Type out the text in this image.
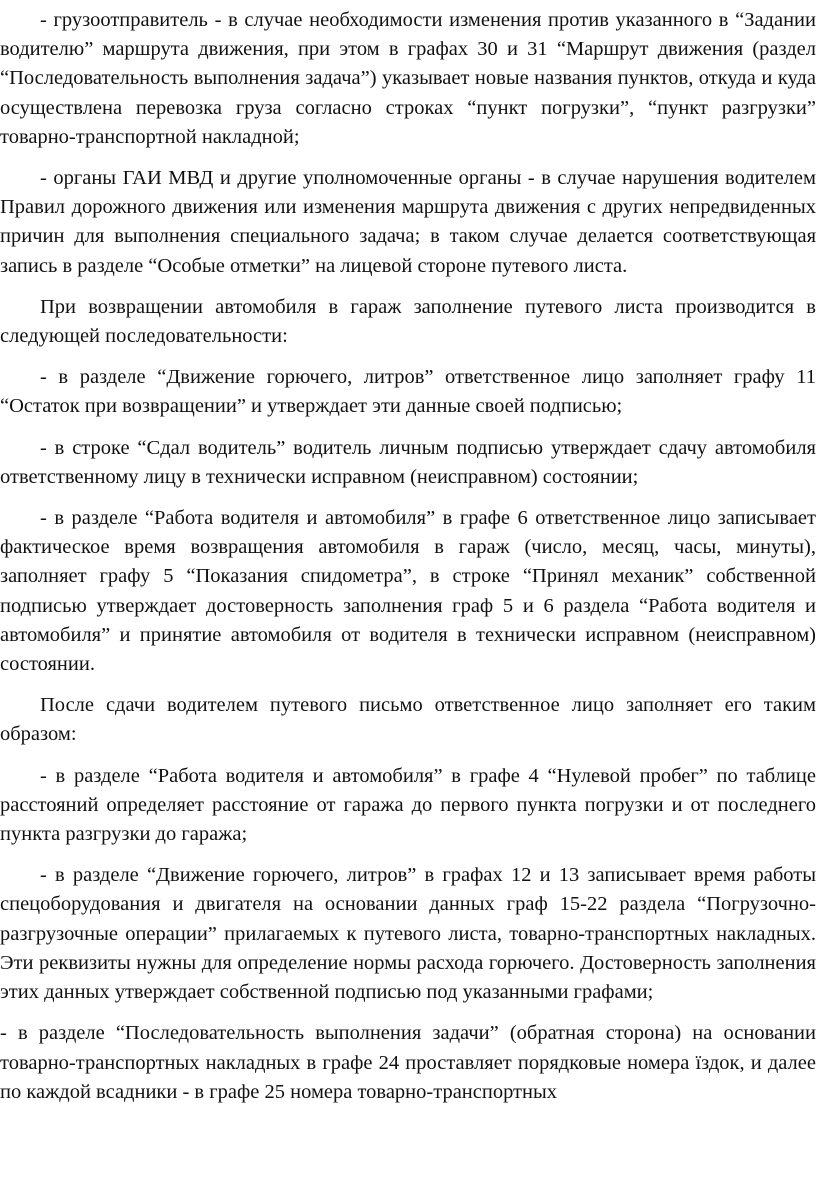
- грузоотправитель - в случае необходимости изменения против указанного в “Задании водителю” маршрута движения, при этом в графах 30 и 31 “Маршрут движения (раздел “Последовательность выполнения задача”) указывает новые названия пунктов, откуда и куда осуществлена перевозка груза согласно строках “пункт погрузки”, “пункт разгрузки” товарно-транспортной накладной;

- органы ГАИ МВД и другие уполномоченные органы - в случае нарушения водителем Правил дорожного движения или изменения маршрута движения с других непредвиденных причин для выполнения специального задача; в таком случае делается соответствующая запись в разделе “Особые отметки” на лицевой стороне путевого листа.

При возвращении автомобиля в гараж заполнение путевого листа производится в следующей последовательности:

- в разделе “Движение горючего, литров” ответственное лицо заполняет графу 11 “Остаток при возвращении” и утверждает эти данные своей подписью;

- в строке “Сдал водитель” водитель личным подписью утверждает сдачу автомобиля ответственному лицу в технически исправном (неисправном) состоянии;

- в разделе “Работа водителя и автомобиля” в графе 6 ответственное лицо записывает фактическое время возвращения автомобиля в гараж (число, месяц, часы, минуты), заполняет графу 5 “Показания спидометра”, в строке “Принял механик” собственной подписью утверждает достоверность заполнения граф 5 и 6 раздела “Работа водителя и автомобиля” и принятие автомобиля от водителя в технически исправном (неисправном) состоянии.

После сдачи водителем путевого письмо ответственное лицо заполняет его таким образом:

- в разделе “Работа водителя и автомобиля” в графе 4 “Нулевой пробег” по таблице расстояний определяет расстояние от гаража до первого пункта погрузки и от последнего пункта разгрузки до гаража;

- в разделе “Движение горючего, литров” в графах 12 и 13 записывает время работы спецоборудования и двигателя на основании данных граф 15-22 раздела “Погрузочно-разгрузочные операции” прилагаемых к путевого листа, товарно-транспортных накладных. Эти реквизиты нужны для определение нормы расхода горючего. Достоверность заполнения этих данных утверждает собственной подписью под указанными графами;

- в разделе “Последовательность выполнения задачи” (обратная сторона) на основании товарно-транспортных накладных в графе 24 проставляет порядковые номера їздок, и далее по каждой всадники - в графе 25 номера товарно-транспортных
